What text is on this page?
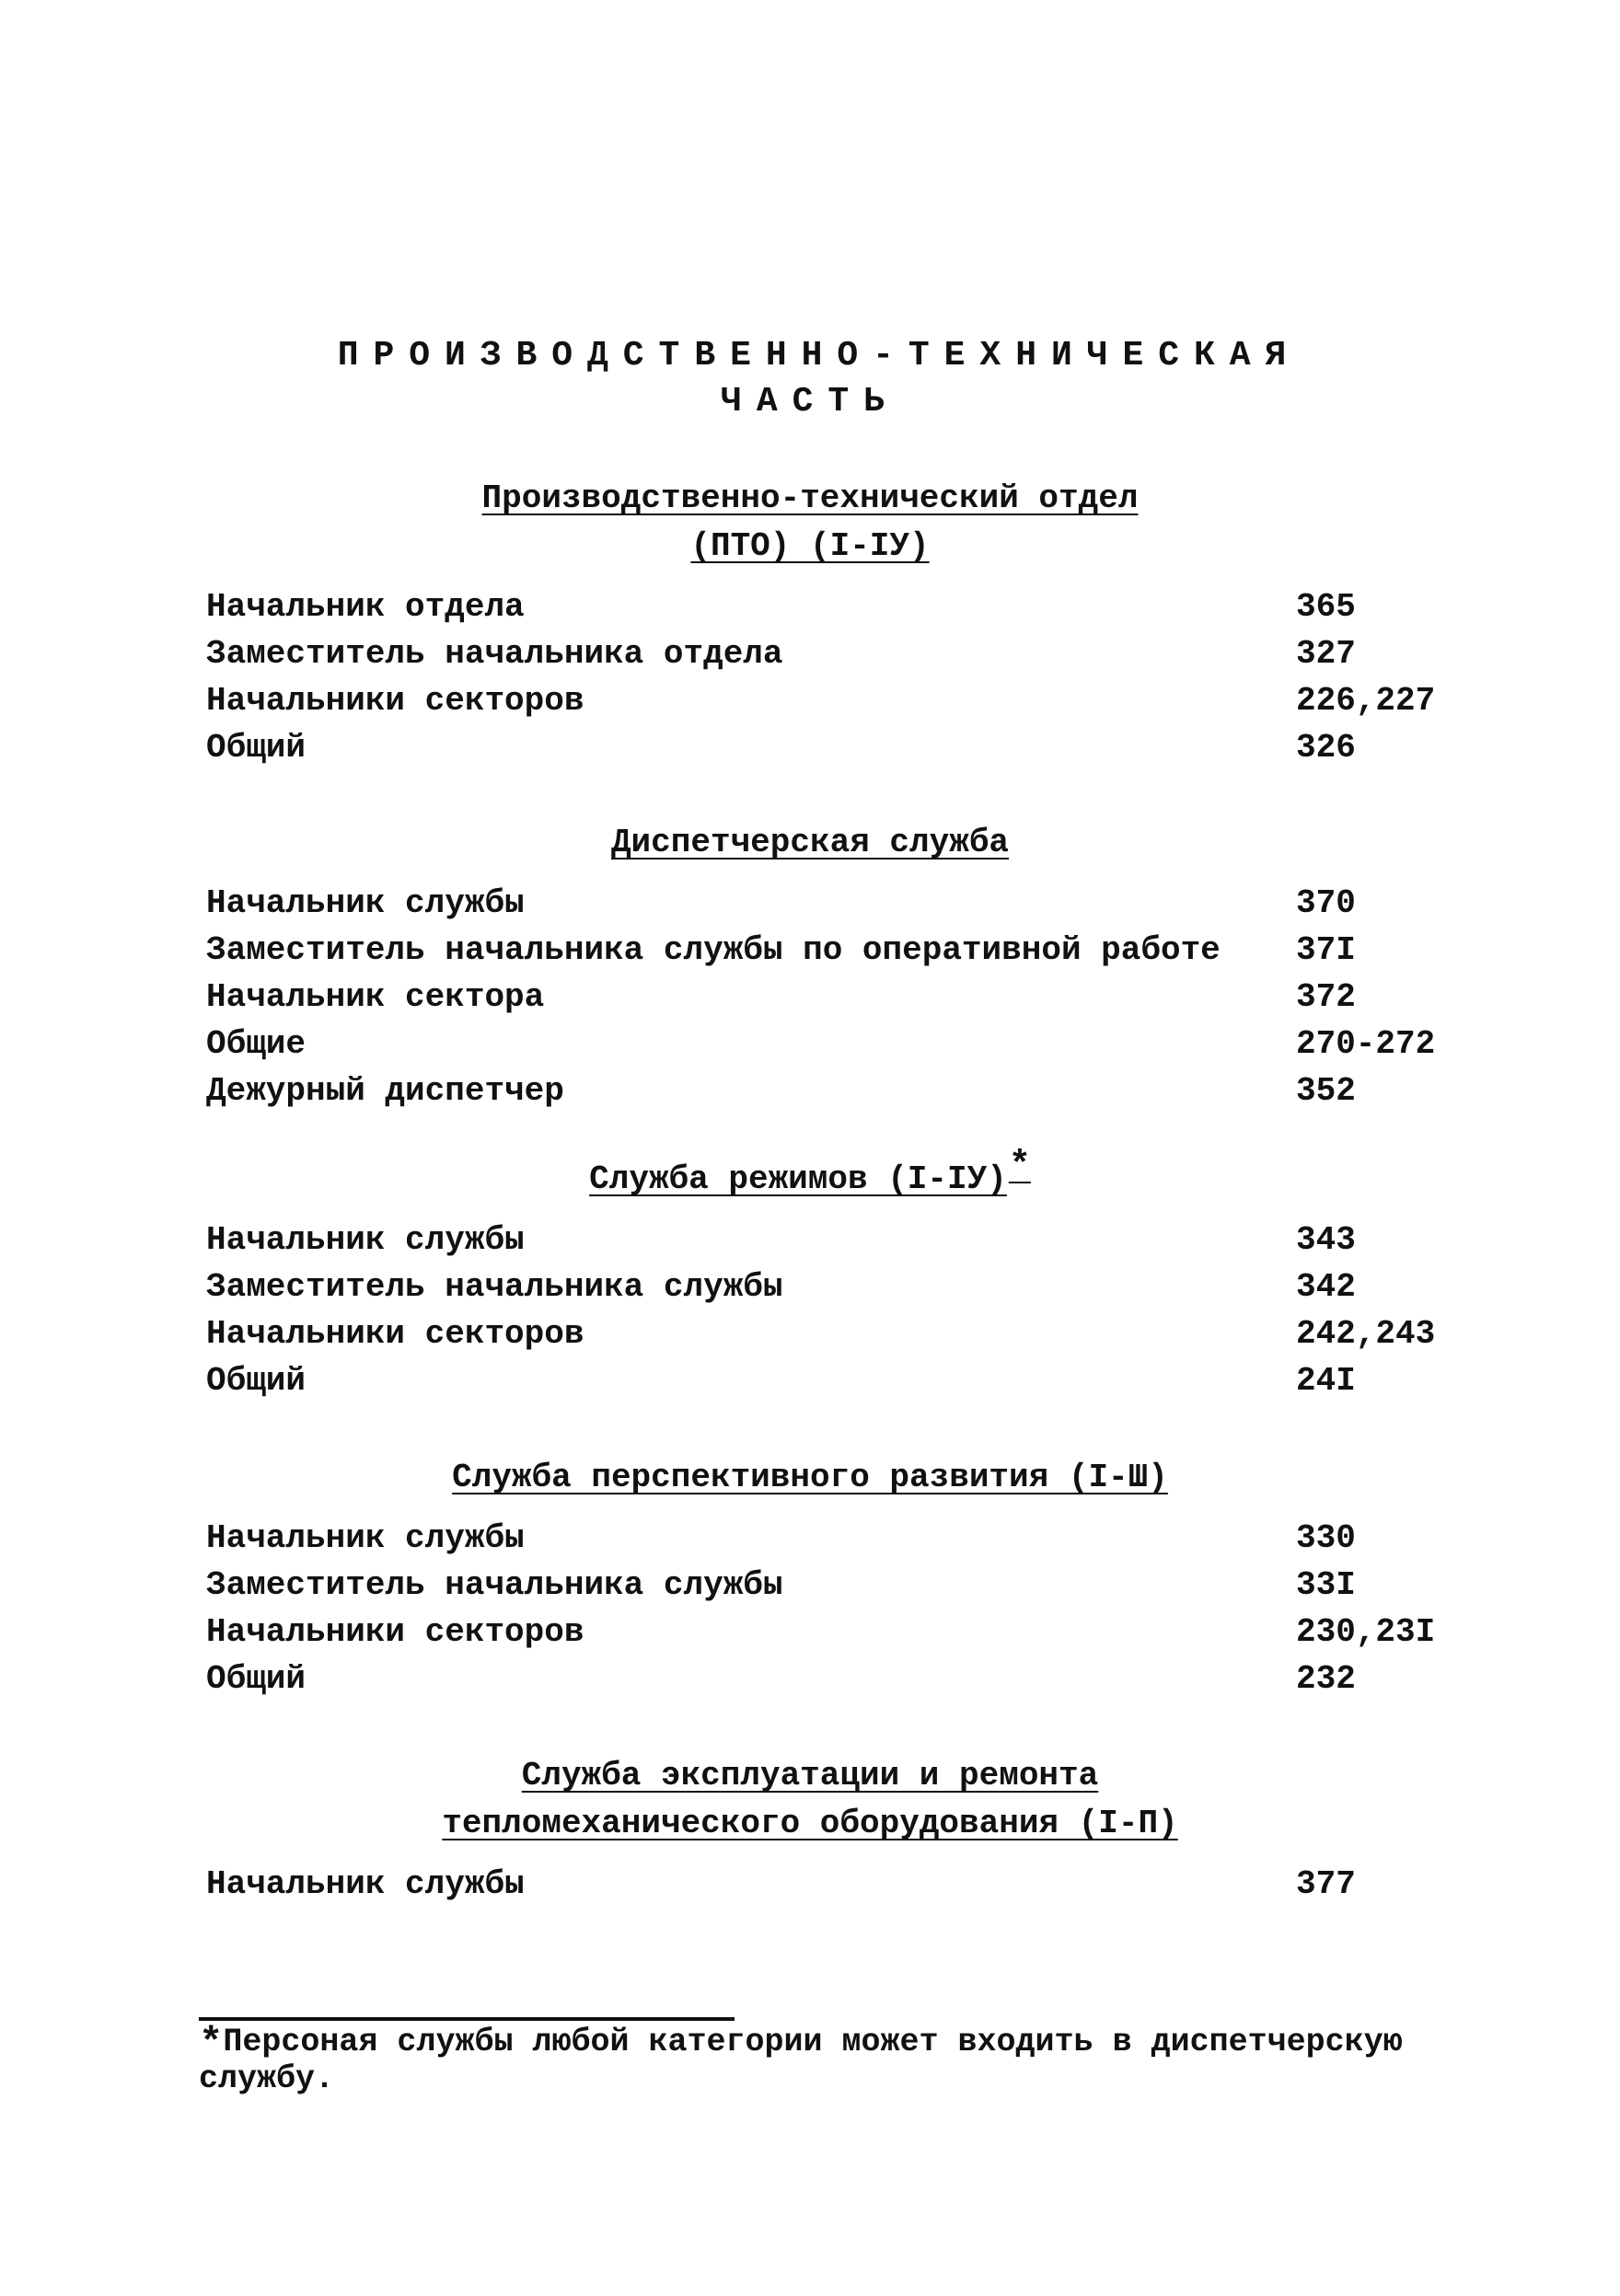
ПРОИЗВОДСТВЕННО-ТЕХНИЧЕСКАЯ
ЧАСТЬ
Производственно-технический отдел
(ПТО) (I-IУ)
Начальник отдела	365
Заместитель начальника отдела	327
Начальники секторов	226,227
Общий	326
Диспетчерская служба
Начальник службы	370
Заместитель начальника службы по оперативной работе 37I
Начальник сектора	372
Общие	270-272
Дежурный диспетчер	352
Служба режимов (I-IУ)*
Начальник службы	343
Заместитель начальника службы	342
Начальники секторов	242,243
Общий	24I
Служба перспективного развития (I-Ш)
Начальник службы	330
Заместитель начальника службы	33I
Начальники секторов	230,23I
Общий	232
Служба эксплуатации и ремонта
тепломеханического оборудования (I-П)
Начальник службы	377
*Персоная службы любой категории может входить в диспетчерскую
службу.
